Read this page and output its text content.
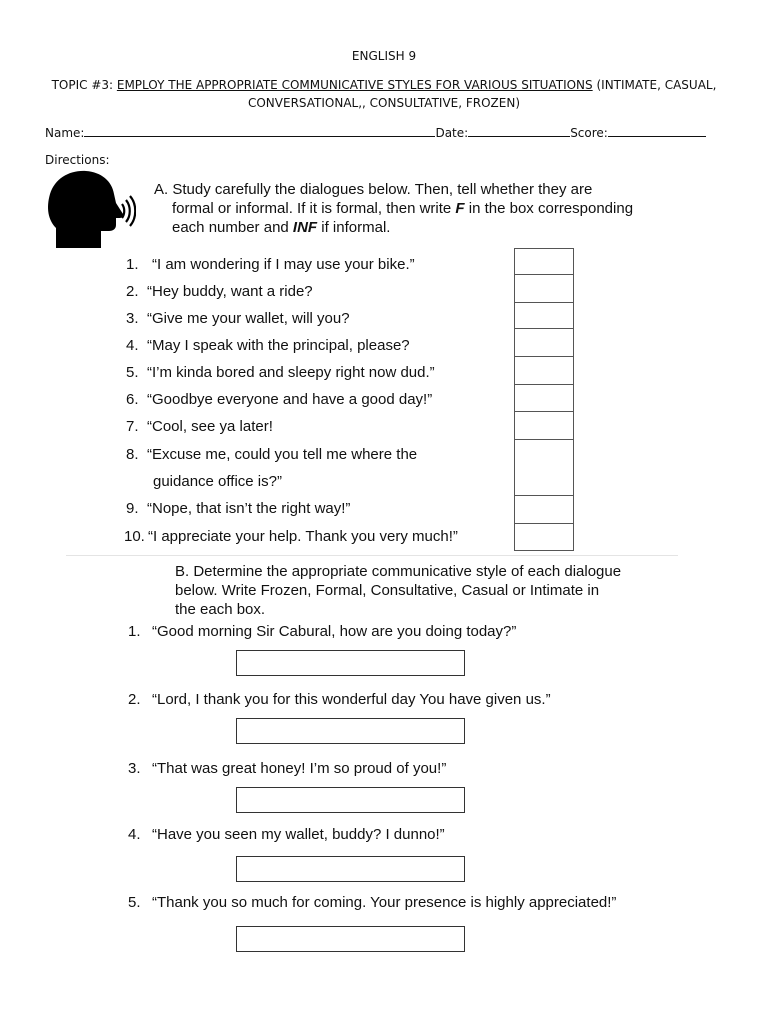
ENGLISH 9
TOPIC #3: EMPLOY THE APPROPRIATE COMMUNICATIVE STYLES FOR VARIOUS SITUATIONS (INTIMATE, CASUAL,
CONVERSATIONAL,, CONSULTATIVE, FROZEN)
Name:	Date:	Score:
Directions:
A. Study carefully the dialogues below. Then, tell whether they are
formal or informal. If it is formal, then write F in the box corresponding
each number and INF if informal.
1. “I am wondering if I may use your bike.”
2. “Hey buddy, want a ride?
3. “Give me your wallet, will you?
4. “May I speak with the principal, please?
5. “I’m kinda bored and sleepy right now dud.”
6. “Goodbye everyone and have a good day!”
7. “Cool, see ya later!
8. “Excuse me, could you tell me where the
guidance office is?”
9. “Nope, that isn’t the right way!”
10. “I appreciate your help. Thank you very much!”
B. Determine the appropriate communicative style of each dialogue
below. Write Frozen, Formal, Consultative, Casual or Intimate in
the each box.
1. “Good morning Sir Cabural, how are you doing today?”
2. “Lord, I thank you for this wonderful day You have given us.”
3. “That was great honey! I’m so proud of you!”
4. “Have you seen my wallet, buddy? I dunno!”
5. “Thank you so much for coming. Your presence is highly appreciated!”
